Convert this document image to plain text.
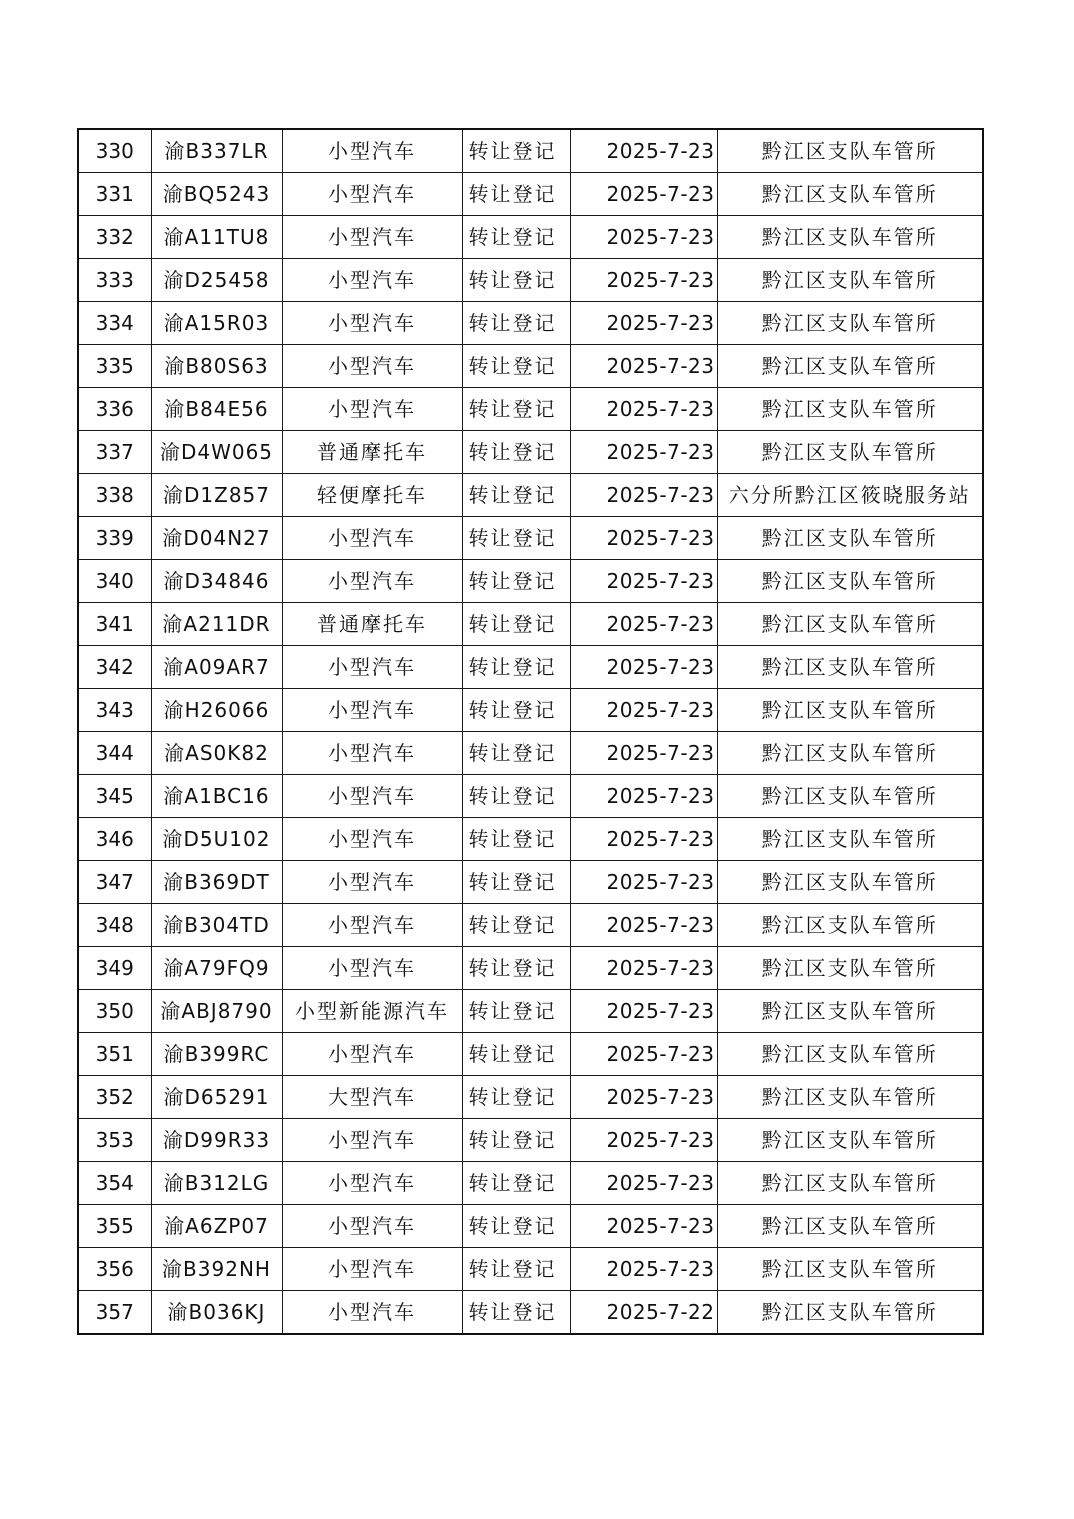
330	渝B337LR	小型汽车	转让登记	2025-7-23	黔江区支队车管所
331	渝BQ5243	小型汽车	转让登记	2025-7-23	黔江区支队车管所
332	渝A11TU8	小型汽车	转让登记	2025-7-23	黔江区支队车管所
333	渝D25458	小型汽车	转让登记	2025-7-23	黔江区支队车管所
334	渝A15R03	小型汽车	转让登记	2025-7-23	黔江区支队车管所
335	渝B80S63	小型汽车	转让登记	2025-7-23	黔江区支队车管所
336	渝B84E56	小型汽车	转让登记	2025-7-23	黔江区支队车管所
337	渝D4W065	普通摩托车	转让登记	2025-7-23	黔江区支队车管所
338	渝D1Z857	轻便摩托车	转让登记	2025-7-23	六分所黔江区筱晓服务站
339	渝D04N27	小型汽车	转让登记	2025-7-23	黔江区支队车管所
340	渝D34846	小型汽车	转让登记	2025-7-23	黔江区支队车管所
341	渝A211DR	普通摩托车	转让登记	2025-7-23	黔江区支队车管所
342	渝A09AR7	小型汽车	转让登记	2025-7-23	黔江区支队车管所
343	渝H26066	小型汽车	转让登记	2025-7-23	黔江区支队车管所
344	渝AS0K82	小型汽车	转让登记	2025-7-23	黔江区支队车管所
345	渝A1BC16	小型汽车	转让登记	2025-7-23	黔江区支队车管所
346	渝D5U102	小型汽车	转让登记	2025-7-23	黔江区支队车管所
347	渝B369DT	小型汽车	转让登记	2025-7-23	黔江区支队车管所
348	渝B304TD	小型汽车	转让登记	2025-7-23	黔江区支队车管所
349	渝A79FQ9	小型汽车	转让登记	2025-7-23	黔江区支队车管所
350	渝ABJ8790	小型新能源汽车	转让登记	2025-7-23	黔江区支队车管所
351	渝B399RC	小型汽车	转让登记	2025-7-23	黔江区支队车管所
352	渝D65291	大型汽车	转让登记	2025-7-23	黔江区支队车管所
353	渝D99R33	小型汽车	转让登记	2025-7-23	黔江区支队车管所
354	渝B312LG	小型汽车	转让登记	2025-7-23	黔江区支队车管所
355	渝A6ZP07	小型汽车	转让登记	2025-7-23	黔江区支队车管所
356	渝B392NH	小型汽车	转让登记	2025-7-23	黔江区支队车管所
357	渝B036KJ	小型汽车	转让登记	2025-7-22	黔江区支队车管所
